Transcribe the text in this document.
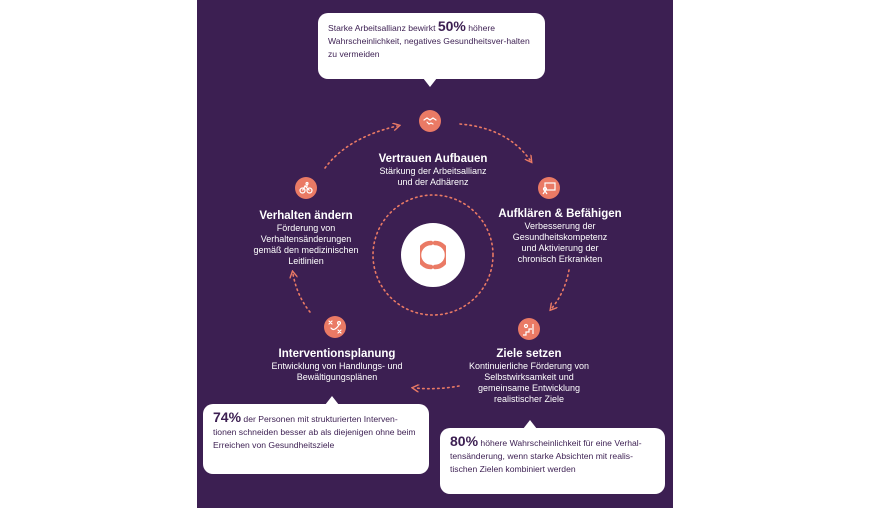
Starke Arbeitsallianz bewirkt 50% höhere Wahrscheinlichkeit, negatives Gesundheitsver-halten zu vermeiden
74% der Personen mit strukturierten Interven-tionen schneiden besser ab als diejenigen ohne beim Erreichen von Gesundheitsziele	80% höhere Wahrscheinlichkeit für eine Verhal-tensänderung, wenn starke Absichten mit realis-tischen Zielen kombiniert werden
Vertrauen Aufbauen
Stärkung der Arbeitsallianz und der Adhärenz
Aufklären & Befähigen
Verbesserung der Gesundheitskompetenz und Aktivierung der chronisch Erkrankten
Ziele setzen
Kontinuierliche Förderung von Selbstwirksamkeit und gemeinsame Entwicklung realistischer Ziele
Interventionsplanung
Entwicklung von Handlungs- und Bewältigungsplänen
Verhalten ändern
Förderung von Verhaltensänderungen gemäß den medizinischen Leitlinien
